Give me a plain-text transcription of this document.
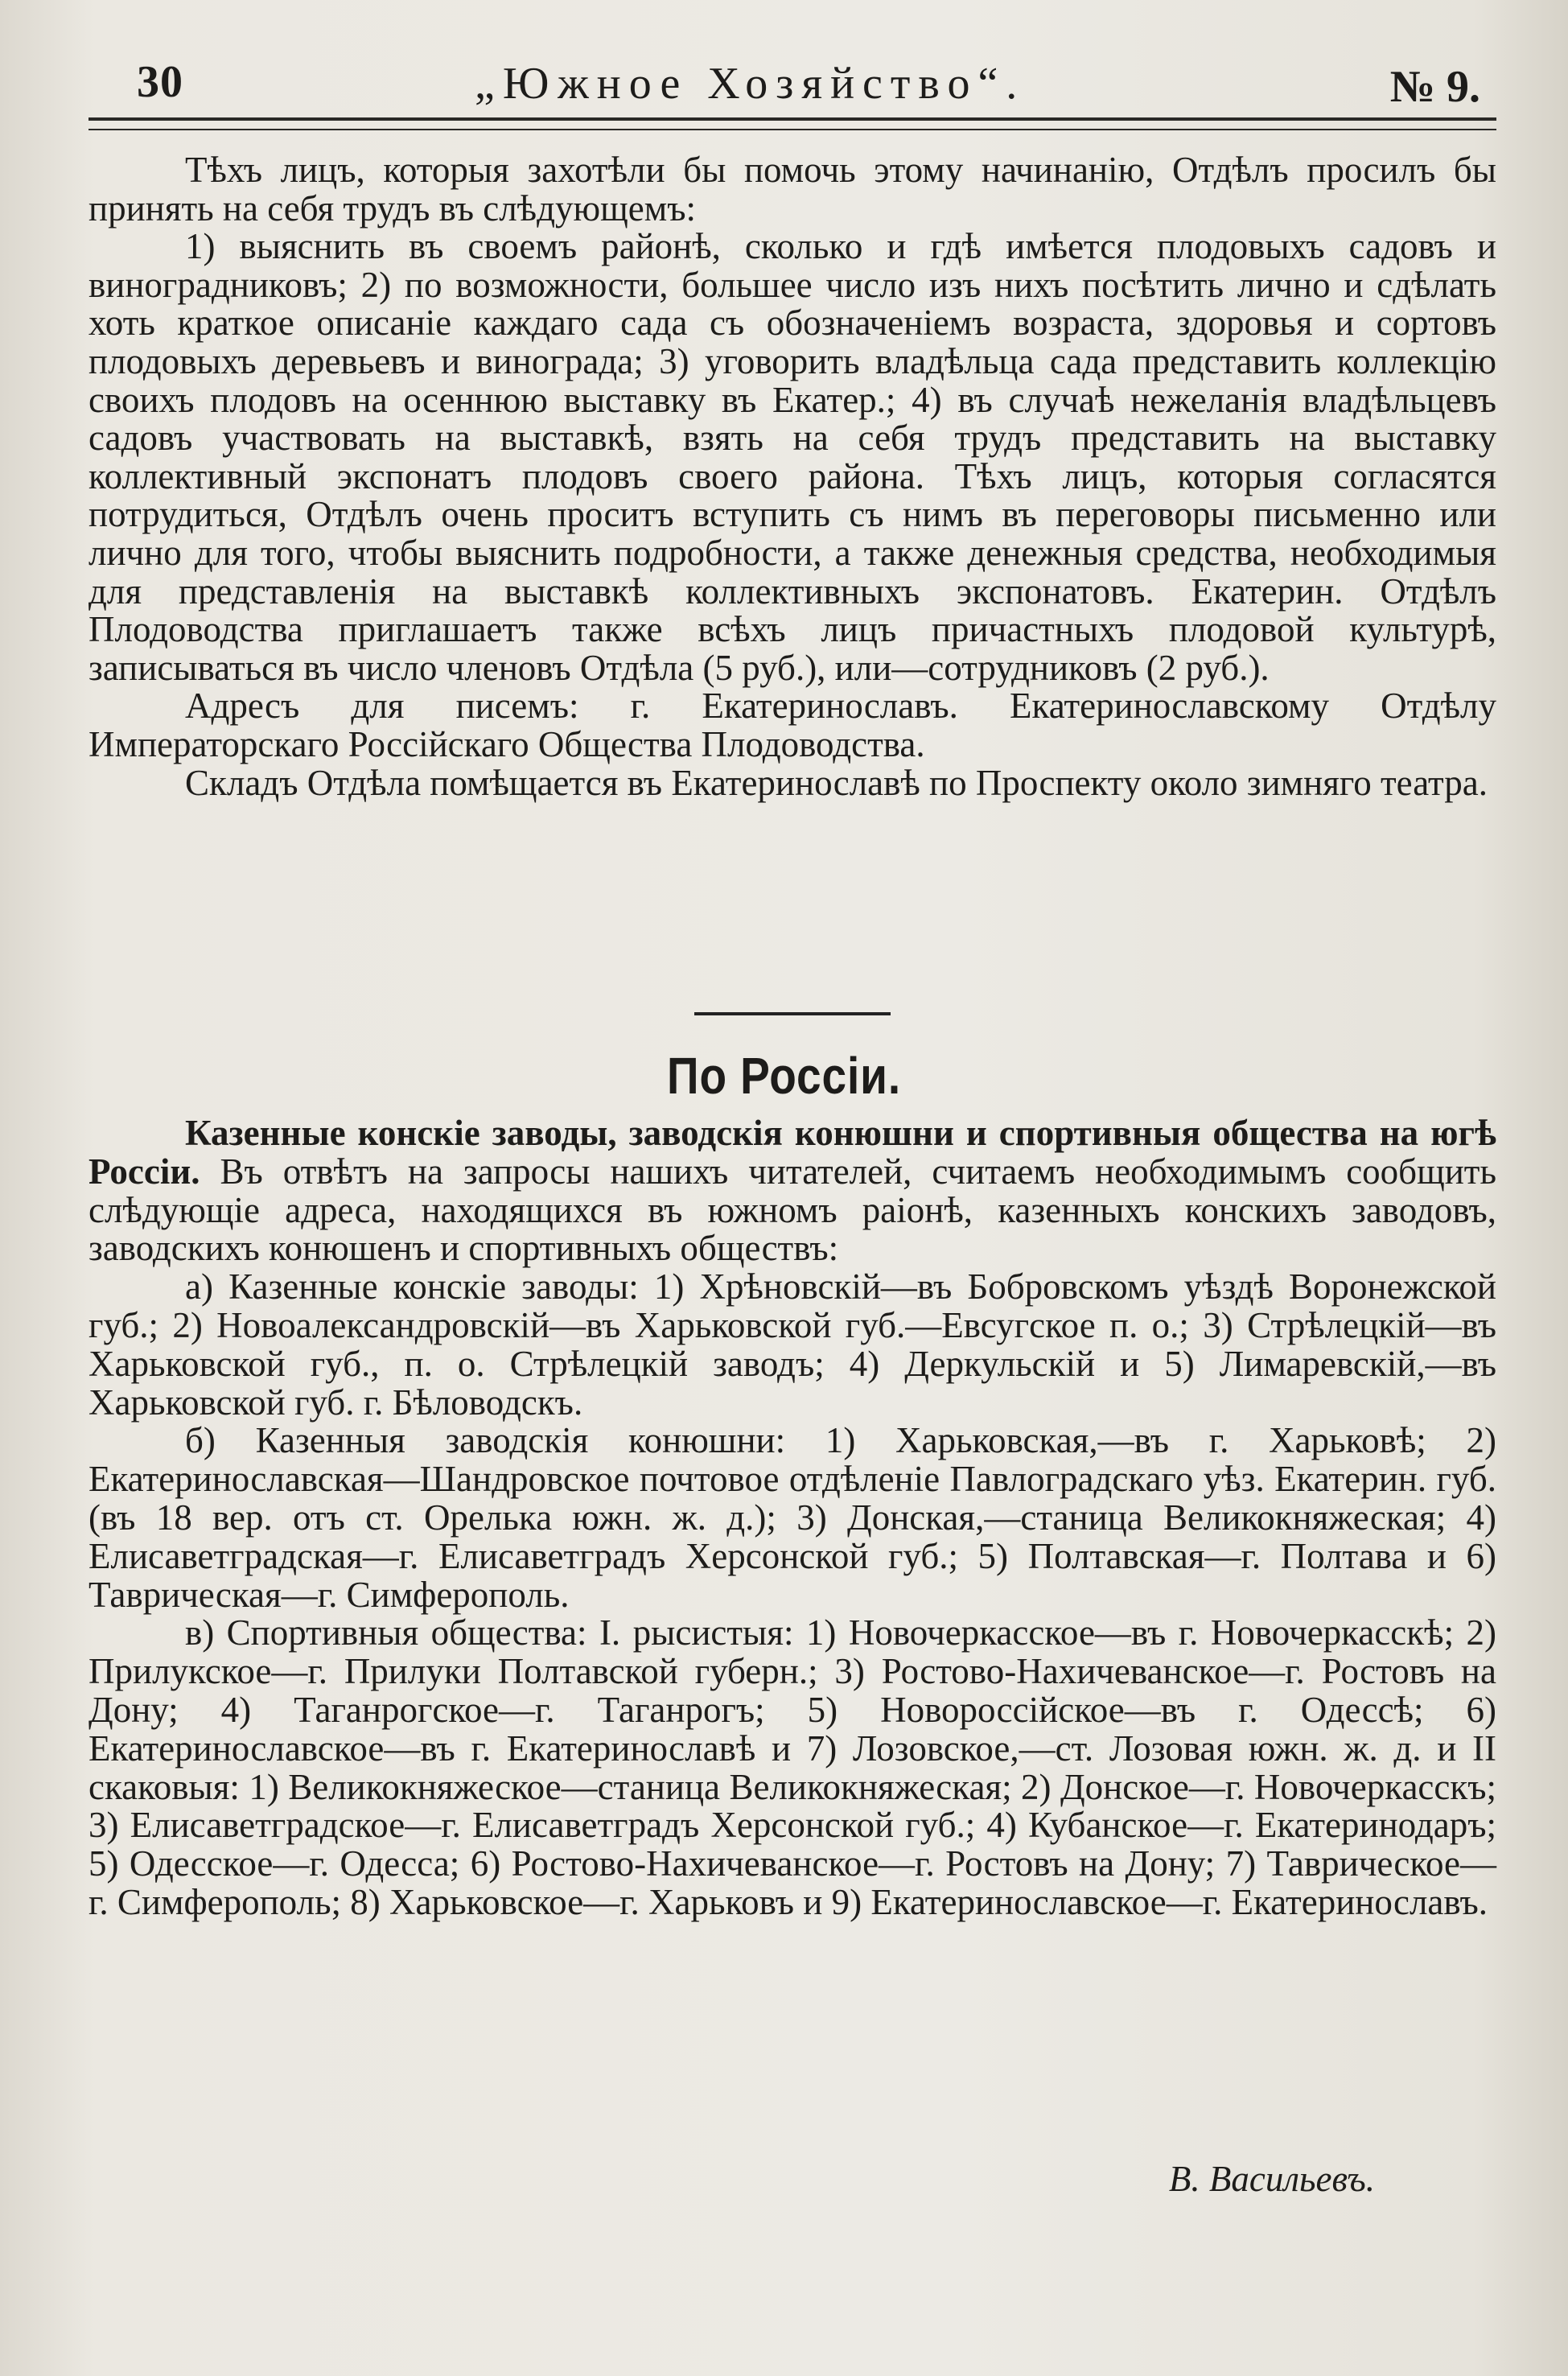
30	„Южное Хозяйство“.	№ 9.

Тѣхъ лицъ, которыя захотѣли бы помочь этому начинанію, Отдѣлъ просилъ бы принять на себя трудъ въ слѣдующемъ:

1) выяснить въ своемъ районѣ, сколько и гдѣ имѣется плодовыхъ садовъ и виноградниковъ; 2) по возможности, большее число изъ нихъ посѣтить лично и сдѣлать хоть краткое описаніе каждаго сада съ обозначеніемъ возраста, здоровья и сортовъ плодовыхъ деревьевъ и винограда; 3) уговорить владѣльца сада представить коллекцію своихъ плодовъ на осеннюю выставку въ Екатер.; 4) въ случаѣ нежеланія владѣльцевъ садовъ участвовать на выставкѣ, взять на себя трудъ представить на выставку коллективный экспонатъ плодовъ своего района. Тѣхъ лицъ, которыя согласятся потрудиться, Отдѣлъ очень проситъ вступить съ нимъ въ переговоры письменно или лично для того, чтобы выяснить подробности, а также денежныя средства, необходимыя для представленія на выставкѣ коллективныхъ экспонатовъ. Екатерин. Отдѣлъ Плодоводства приглашаетъ также всѣхъ лицъ причастныхъ плодовой культурѣ, записываться въ число членовъ Отдѣла (5 руб.), или—сотрудниковъ (2 руб.).

Адресъ для писемъ: г. Екатеринославъ. Екатеринославскому Отдѣлу Императорскаго Россійскаго Общества Плодоводства.

Складъ Отдѣла помѣщается въ Екатеринославѣ по Проспекту около зимняго театра.

По Россіи.

Казенные конскіе заводы, заводскія конюшни и спортивныя общества на югѣ Россіи. Въ отвѣтъ на запросы нашихъ читателей, считаемъ необходимымъ сообщить слѣдующіе адреса, находящихся въ южномъ раіонѣ, казенныхъ конскихъ заводовъ, заводскихъ конюшенъ и спортивныхъ обществъ:

а) Казенные конскіе заводы: 1) Хрѣновскій—въ Бобровскомъ уѣздѣ Воронежской губ.; 2) Новоалександровскій—въ Харьковской губ.—Евсугское п. о.; 3) Стрѣлецкій—въ Харьковской губ., п. о. Стрѣлецкій заводъ; 4) Деркульскій и 5) Лимаревскій,—въ Харьковской губ. г. Бѣловодскъ.

б) Казенныя заводскія конюшни: 1) Харьковская,—въ г. Харьковѣ; 2) Екатеринославская—Шандровское почтовое отдѣленіе Павлоградскаго уѣз. Екатерин. губ. (въ 18 вер. отъ ст. Орелька южн. ж. д.); 3) Донская,—станица Великокняжеская; 4) Елисаветградская—г. Елисаветградъ Херсонской губ.; 5) Полтавская—г. Полтава и 6) Таврическая—г. Симферополь.

в) Спортивныя общества: I. рысистыя: 1) Новочеркасское—въ г. Новочеркасскѣ; 2) Прилукское—г. Прилуки Полтавской губерн.; 3) Ростово-Нахичеванское—г. Ростовъ на Дону; 4) Таганрогское—г. Таганрогъ; 5) Новороссійское—въ г. Одессѣ; 6) Екатеринославское—въ г. Екатеринославѣ и 7) Лозовское,—ст. Лозовая южн. ж. д. и II скаковыя: 1) Великокняжеское—станица Великокняжеская; 2) Донское—г. Новочеркасскъ; 3) Елисаветградское—г. Елисаветградъ Херсонской губ.; 4) Кубанское—г. Екатеринодаръ; 5) Одесское—г. Одесса; 6) Ростово-Нахичеванское—г. Ростовъ на Дону; 7) Таврическое—г. Симферополь; 8) Харьковское—г. Харьковъ и 9) Екатеринославское—г. Екатеринославъ.

В. Васильевъ.
